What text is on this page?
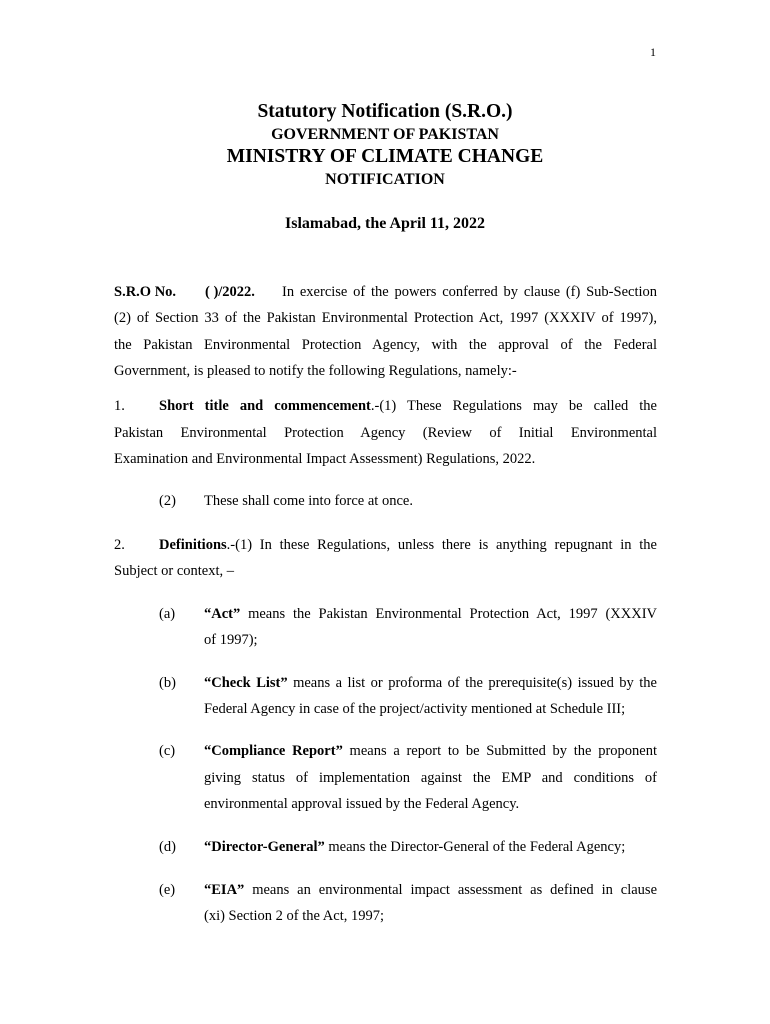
1
Statutory Notification (S.R.O.)
GOVERNMENT OF PAKISTAN
MINISTRY OF CLIMATE CHANGE
NOTIFICATION
Islamabad, the April 11, 2022
S.R.O No. ( )/2022. In exercise of the powers conferred by clause (f) Sub-Section
(2) of Section 33 of the Pakistan Environmental Protection Act, 1997 (XXXIV of 1997),
the Pakistan Environmental Protection Agency, with the approval of the Federal
Government, is pleased to notify the following Regulations, namely:-
1. Short title and commencement.-(1) These Regulations may be called the
Pakistan Environmental Protection Agency (Review of Initial Environmental
Examination and Environmental Impact Assessment) Regulations, 2022.
(2) These shall come into force at once.
2. Definitions.-(1) In these Regulations, unless there is anything repugnant in the
Subject or context, –
(a) “Act” means the Pakistan Environmental Protection Act, 1997 (XXXIV
of 1997);
(b) “Check List” means a list or proforma of the prerequisite(s) issued by the
Federal Agency in case of the project/activity mentioned at Schedule III;
(c) “Compliance Report” means a report to be Submitted by the proponent
giving status of implementation against the EMP and conditions of
environmental approval issued by the Federal Agency.
(d) “Director-General” means the Director-General of the Federal Agency;
(e) “EIA” means an environmental impact assessment as defined in clause
(xi) Section 2 of the Act, 1997;
